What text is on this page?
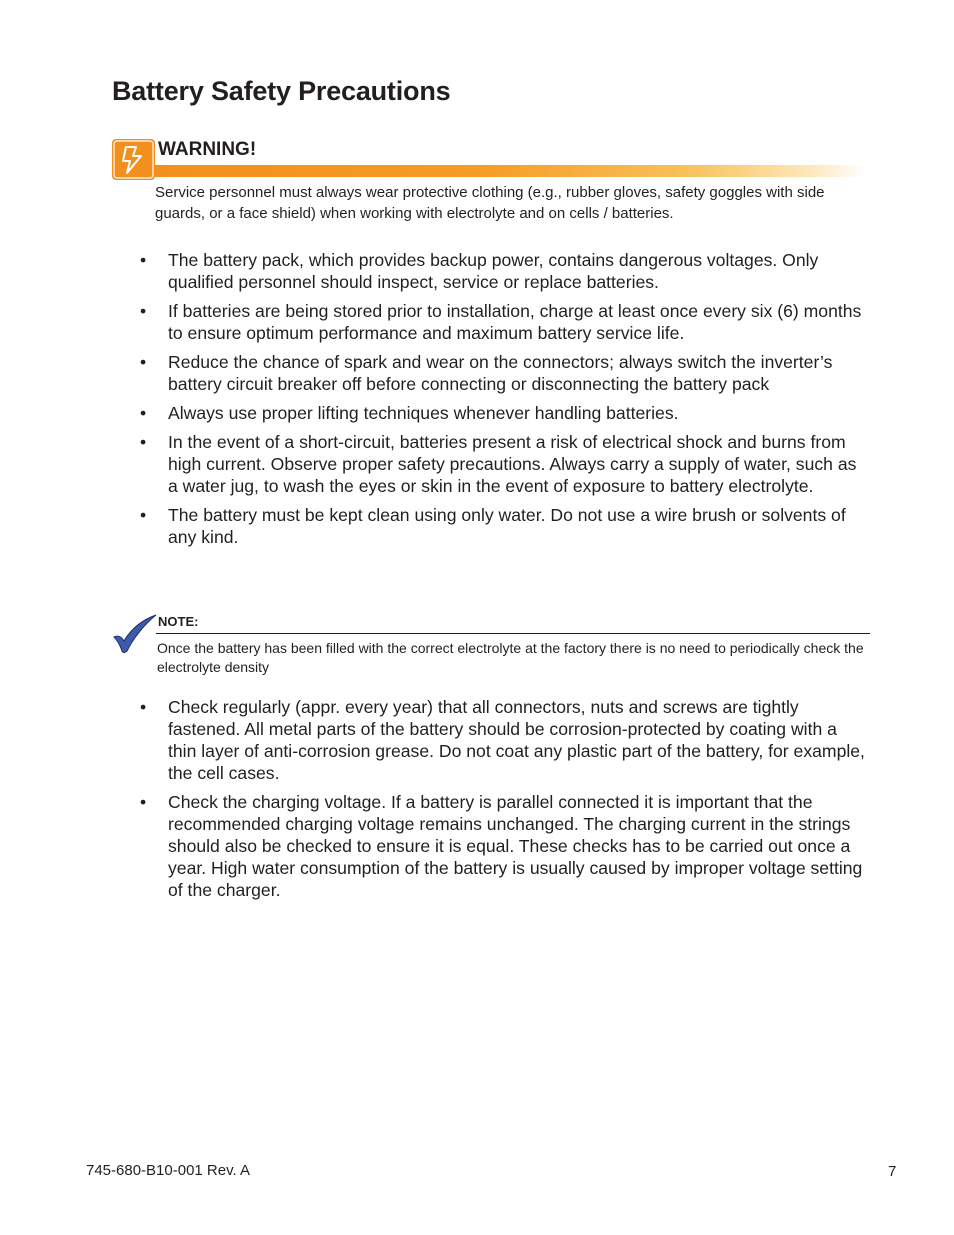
Battery Safety Precautions
WARNING!
Service personnel must always wear protective clothing (e.g., rubber gloves, safety goggles with side guards, or a face shield) when working with electrolyte and on cells / batteries.
•	The battery pack, which provides backup power, contains dangerous voltages. Only qualified personnel should inspect, service or replace batteries.
•	If batteries are being stored prior to installation, charge at least once every six (6) months to ensure optimum performance and maximum battery service life.
•	Reduce the chance of spark and wear on the connectors; always switch the inverter’s battery circuit breaker off before connecting or disconnecting the battery pack
•	Always use proper lifting techniques whenever handling batteries.
•	In the event of a short-circuit, batteries present a risk of electrical shock and burns from high current. Observe proper safety precautions. Always carry a supply of water, such as a water jug, to wash the eyes or skin in the event of exposure to battery electrolyte.
•	The battery must be kept clean using only water. Do not use a wire brush or solvents of any kind.
NOTE:
Once the battery has been filled with the correct electrolyte at the factory there is no need to periodically check the electrolyte density
•	Check regularly (appr. every year) that all connectors, nuts and screws are tightly fastened. All metal parts of the battery should be corrosion-protected by coating with a thin layer of anti-corrosion grease. Do not coat any plastic part of the battery, for example, the cell cases.
•	Check the charging voltage. If a battery is parallel connected it is important that the recommended charging voltage remains unchanged. The charging current in the strings should also be checked to ensure it is equal. These checks has to be carried out once a year. High water consumption of the battery is usually caused by improper voltage setting of the charger.
745-680-B10-001 Rev. A	7
